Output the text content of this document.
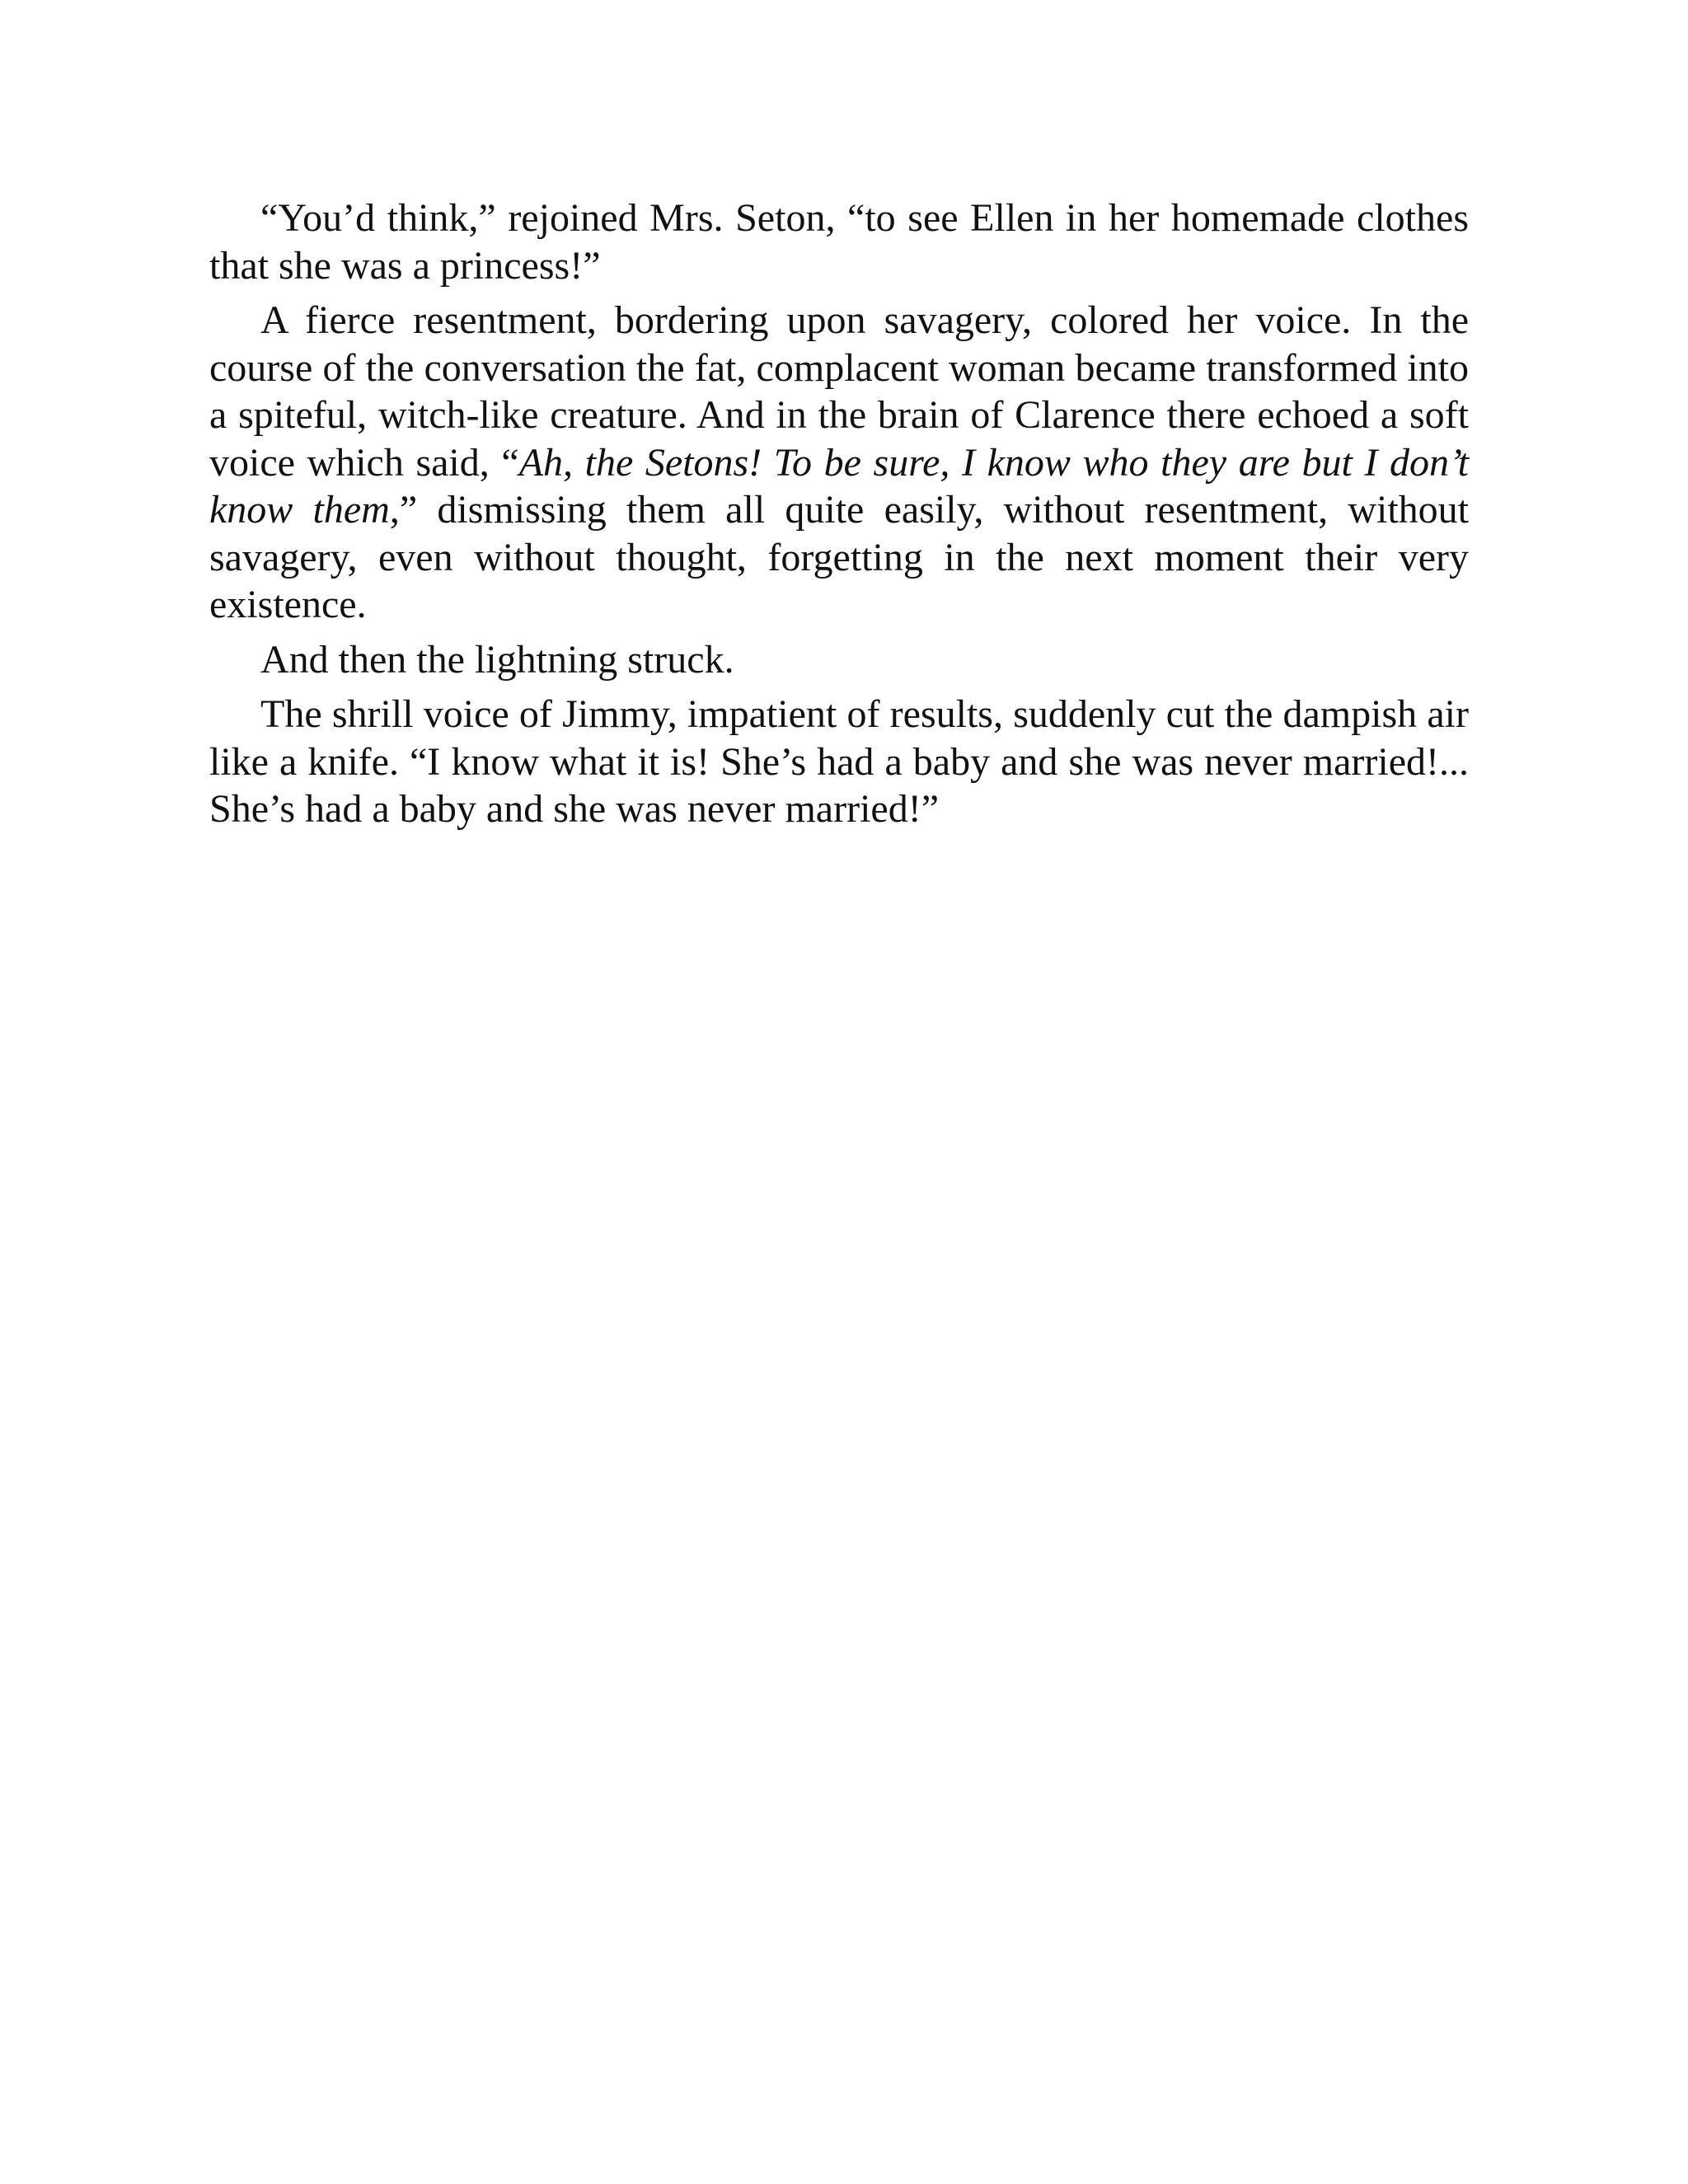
“You’d think,” rejoined Mrs. Seton, “to see Ellen in her homemade clothes that she was a princess!”

A fierce resentment, bordering upon savagery, colored her voice. In the course of the conversation the fat, complacent woman became transformed into a spiteful, witch-like creature. And in the brain of Clarence there echoed a soft voice which said, “Ah, the Setons! To be sure, I know who they are but I don’t know them,” dismissing them all quite easily, without resentment, without savagery, even without thought, forgetting in the next moment their very existence.

And then the lightning struck.

The shrill voice of Jimmy, impatient of results, suddenly cut the dampish air like a knife. “I know what it is! She’s had a baby and she was never married!... She’s had a baby and she was never married!”
